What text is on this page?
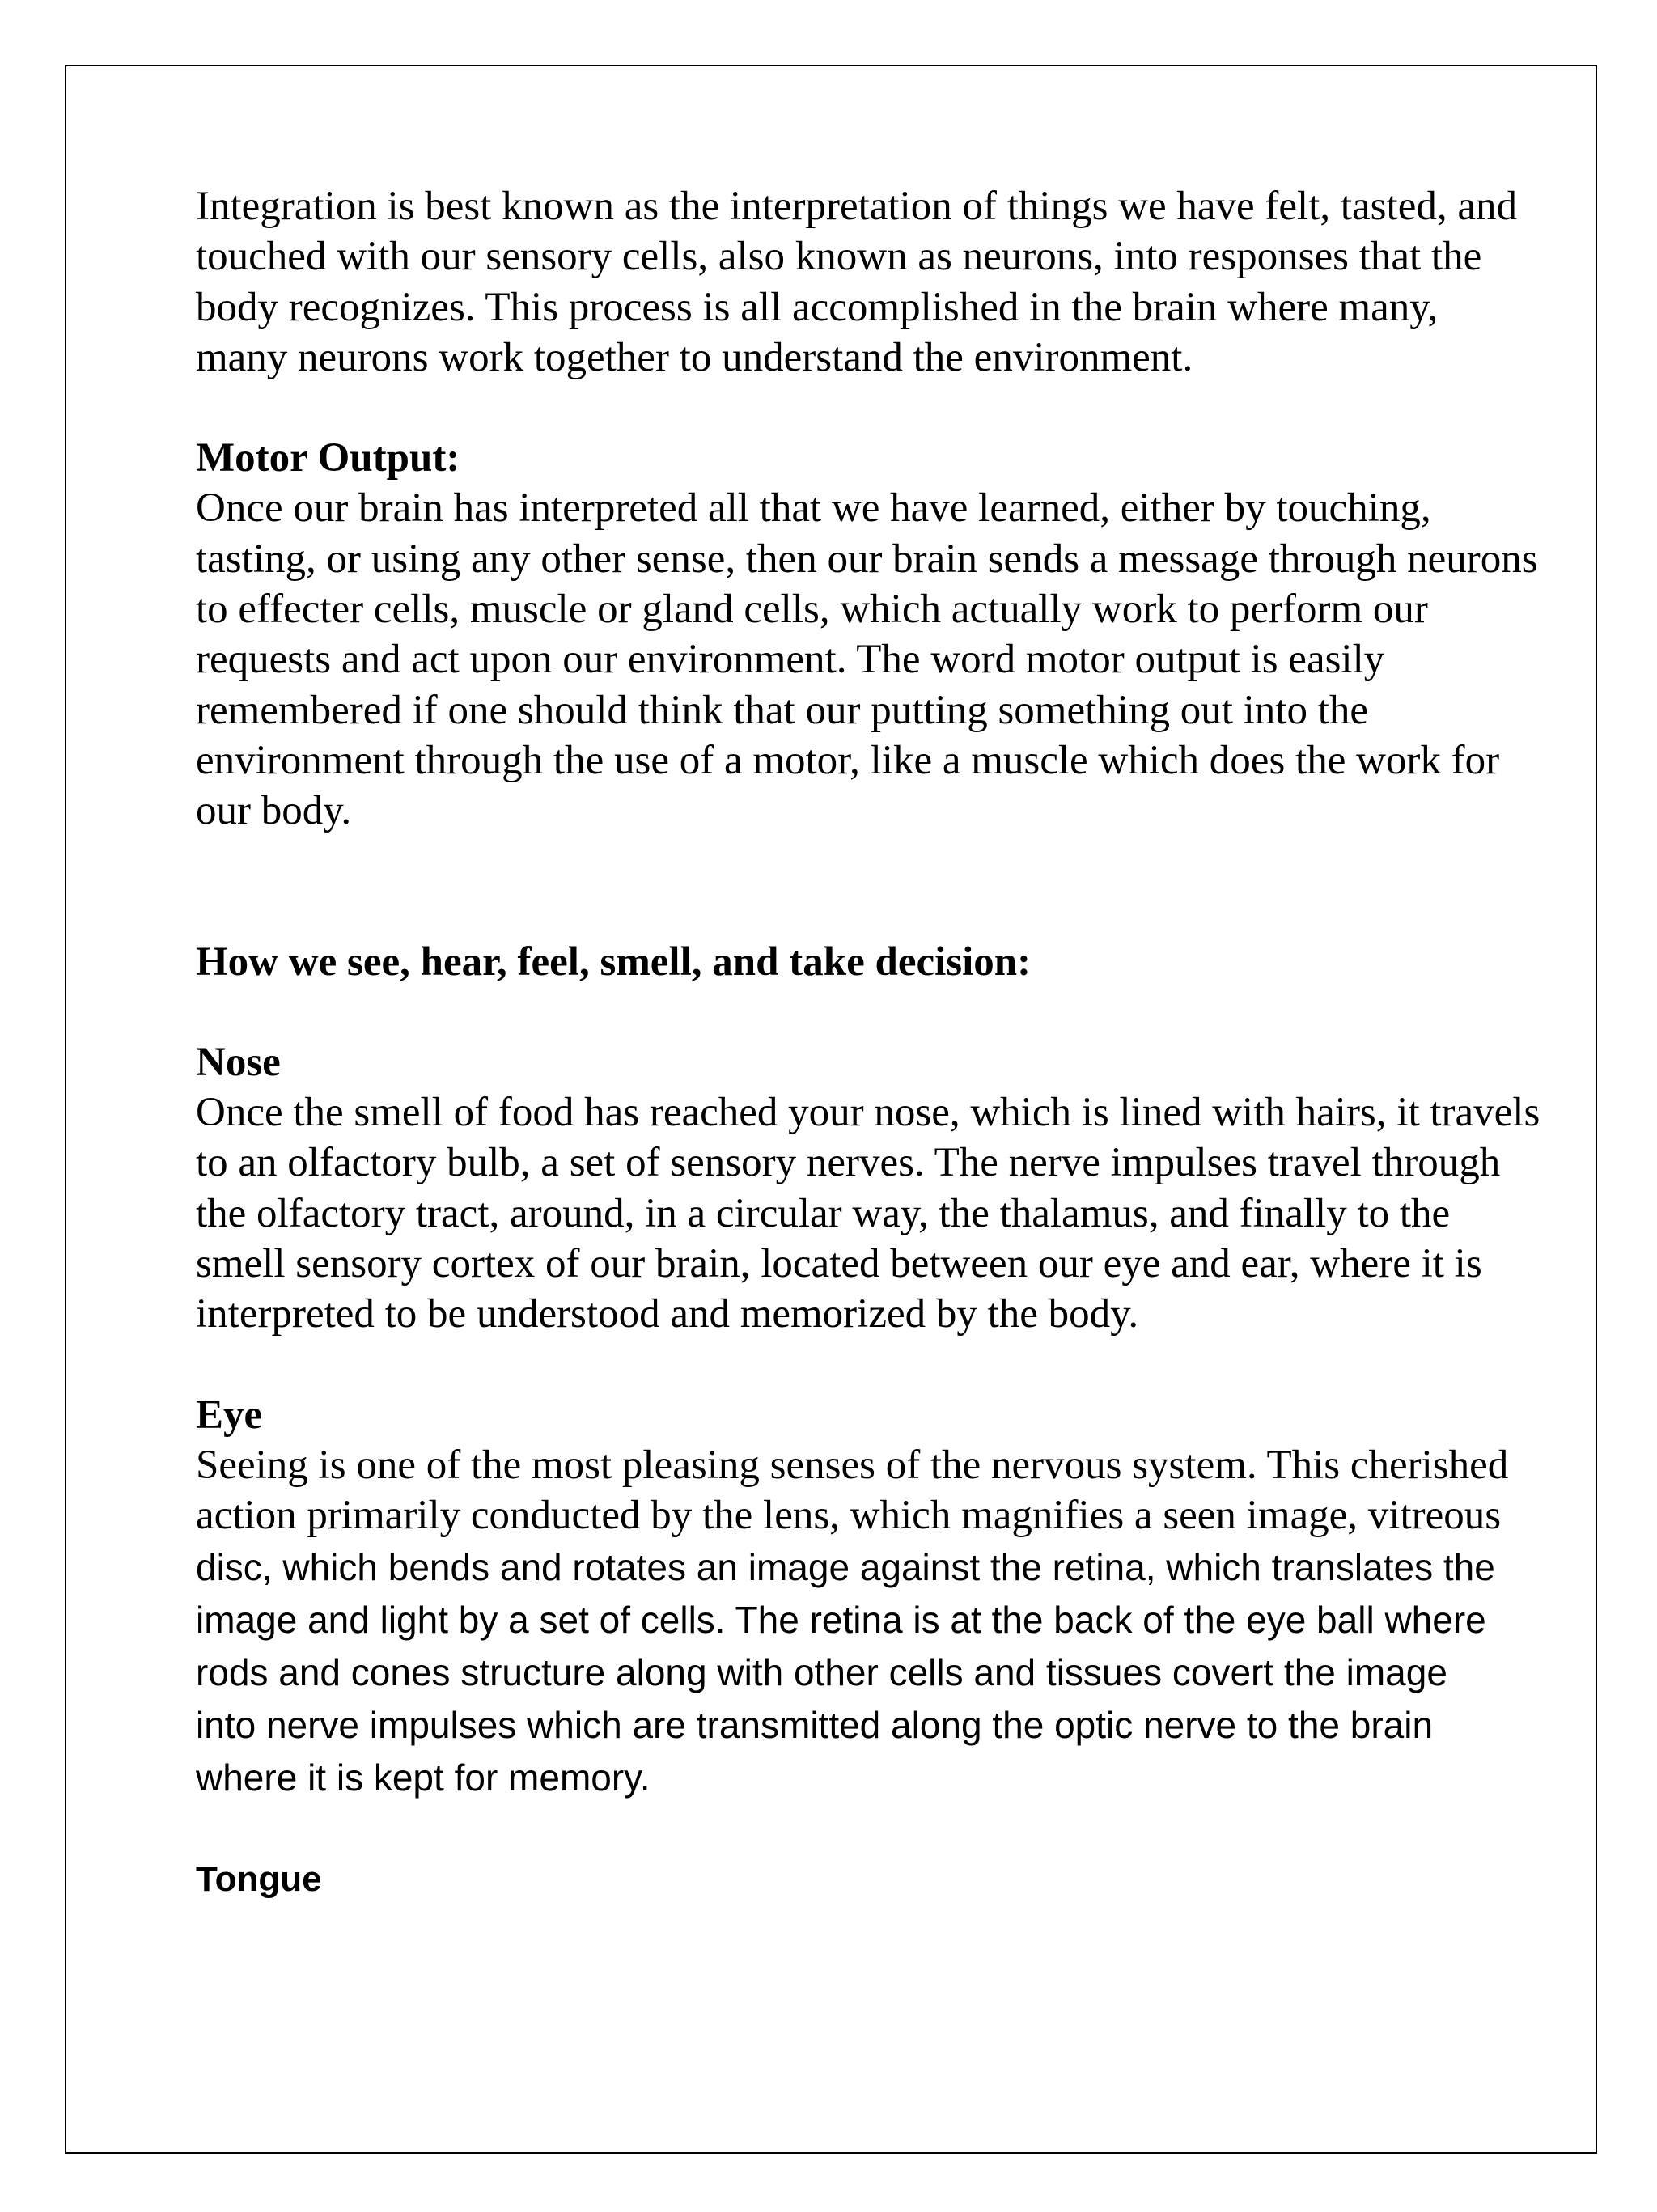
Integration is best known as the interpretation of things we have felt, tasted, and
touched with our sensory cells, also known as neurons, into responses that the
body recognizes. This process is all accomplished in the brain where many,
many neurons work together to understand the environment.

Motor Output:

Once our brain has interpreted all that we have learned, either by touching,
tasting, or using any other sense, then our brain sends a message through neurons
to effecter cells, muscle or gland cells, which actually work to perform our
requests and act upon our environment. The word motor output is easily
remembered if one should think that our putting something out into the
environment through the use of a motor, like a muscle which does the work for
our body.

How we see, hear, feel, smell, and take decision:

Nose

Once the smell of food has reached your nose, which is lined with hairs, it travels
to an olfactory bulb, a set of sensory nerves. The nerve impulses travel through
the olfactory tract, around, in a circular way, the thalamus, and finally to the
smell sensory cortex of our brain, located between our eye and ear, where it is
interpreted to be understood and memorized by the body.

Eye

Seeing is one of the most pleasing senses of the nervous system. This cherished
action primarily conducted by the lens, which magnifies a seen image, vitreous

disc, which bends and rotates an image against the retina, which translates the
image and light by a set of cells. The retina is at the back of the eye ball where
rods and cones structure along with other cells and tissues covert the image
into nerve impulses which are transmitted along the optic nerve to the brain
where it is kept for memory.

Tongue
